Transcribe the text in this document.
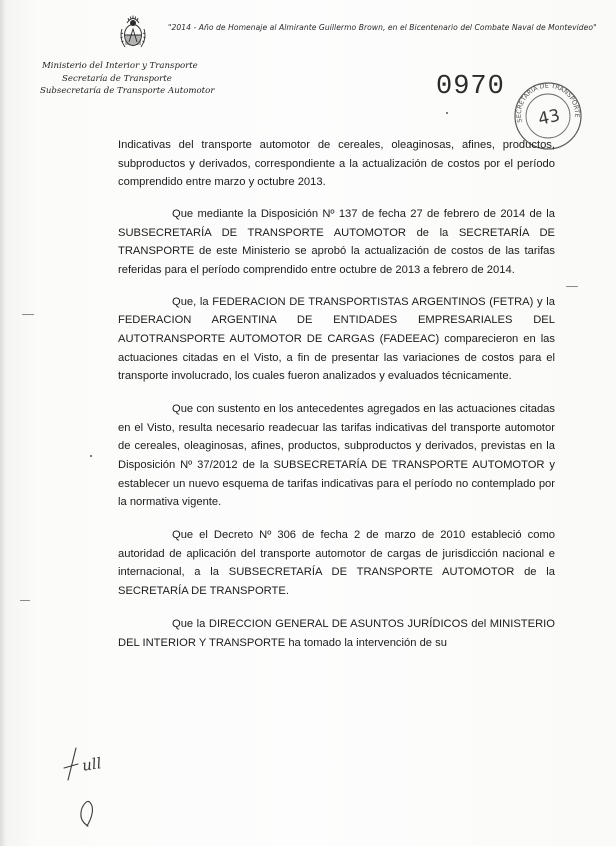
"2014 - Año de Homenaje al Almirante Guillermo Brown, en el Bicentenario del Combate Naval de Montevideo"
Ministerio del Interior y Transporte
Secretaría de Transporte
Subsecretaría de Transporte Automotor	0970
SECRETARIA DE TRANSPORTE
43

Indicativas del transporte automotor de cereales, oleaginosas, afines, productos, subproductos y derivados, correspondiente a la actualización de costos por el período comprendido entre marzo y octubre 2013.

Que mediante la Disposición Nº 137 de fecha 27 de febrero de 2014 de la SUBSECRETARÍA DE TRANSPORTE AUTOMOTOR de la SECRETARÍA DE TRANSPORTE de este Ministerio se aprobó la actualización de costos de las tarifas referidas para el período comprendido entre octubre de 2013 a febrero de 2014.

Que, la FEDERACION DE TRANSPORTISTAS ARGENTINOS (FETRA) y la FEDERACION ARGENTINA DE ENTIDADES EMPRESARIALES DEL AUTOTRANSPORTE AUTOMOTOR DE CARGAS (FADEEAC) comparecieron en las actuaciones citadas en el Visto, a fin de presentar las variaciones de costos para el transporte involucrado, los cuales fueron analizados y evaluados técnicamente.

Que con sustento en los antecedentes agregados en las actuaciones citadas en el Visto, resulta necesario readecuar las tarifas indicativas del transporte automotor de cereales, oleaginosas, afines, productos, subproductos y derivados, previstas en la Disposición Nº 37/2012 de la SUBSECRETARÍA DE TRANSPORTE AUTOMOTOR y establecer un nuevo esquema de tarifas indicativas para el período no contemplado por la normativa vigente.

Que el Decreto Nº 306 de fecha 2 de marzo de 2010 estableció como autoridad de aplicación del transporte automotor de cargas de jurisdicción nacional e internacional, a la SUBSECRETARÍA DE TRANSPORTE AUTOMOTOR de la SECRETARÍA DE TRANSPORTE.

Que la DIRECCION GENERAL DE ASUNTOS JURÍDICOS del MINISTERIO DEL INTERIOR Y TRANSPORTE ha tomado la intervención de su

ull
